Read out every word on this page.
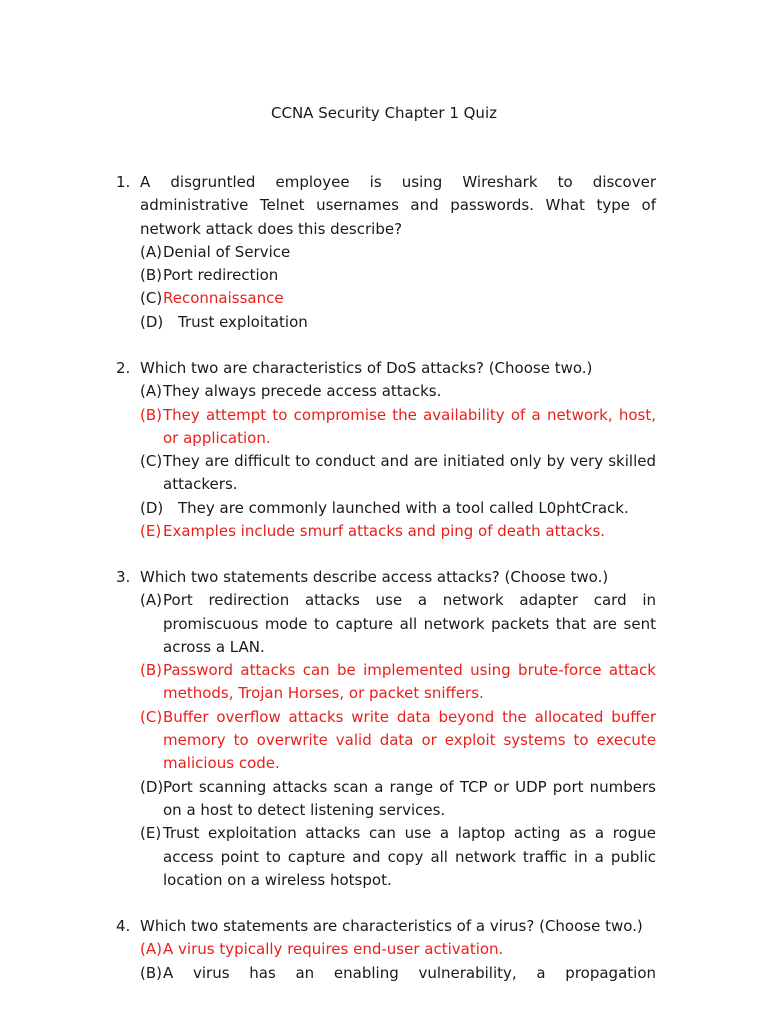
CCNA Security Chapter 1 Quiz
1. A disgruntled employee is using Wireshark to discover administrative Telnet usernames and passwords. What type of network attack does this describe?
(A) Denial of Service
(B) Port redirection
(C) Reconnaissance
(D) Trust exploitation
2. Which two are characteristics of DoS attacks? (Choose two.)
(A) They always precede access attacks.
(B) They attempt to compromise the availability of a network, host, or application.
(C) They are difficult to conduct and are initiated only by very skilled attackers.
(D) They are commonly launched with a tool called L0phtCrack.
(E) Examples include smurf attacks and ping of death attacks.
3. Which two statements describe access attacks? (Choose two.)
(A) Port redirection attacks use a network adapter card in promiscuous mode to capture all network packets that are sent across a LAN.
(B) Password attacks can be implemented using brute-force attack methods, Trojan Horses, or packet sniffers.
(C) Buffer overflow attacks write data beyond the allocated buffer memory to overwrite valid data or exploit systems to execute malicious code.
(D) Port scanning attacks scan a range of TCP or UDP port numbers on a host to detect listening services.
(E) Trust exploitation attacks can use a laptop acting as a rogue access point to capture and copy all network traffic in a public location on a wireless hotspot.
4. Which two statements are characteristics of a virus? (Choose two.)
(A) A virus typically requires end-user activation.
(B) A virus has an enabling vulnerability, a propagation
